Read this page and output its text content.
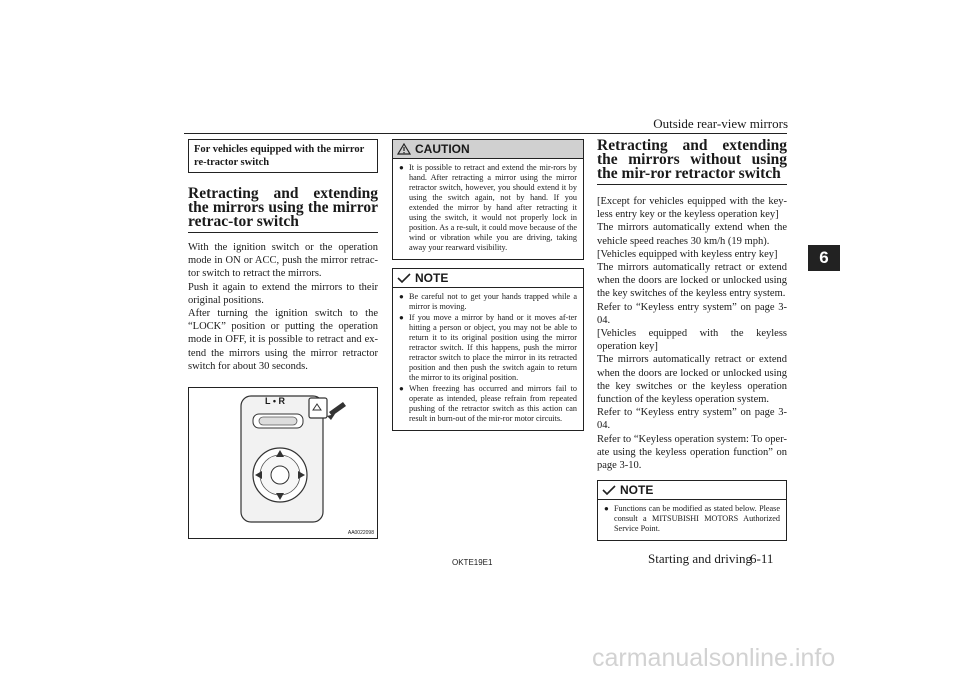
Outside rear-view mirrors
6
For vehicles equipped with the mirror re-tractor switch
Retracting and extending the mirrors using the mirror retrac-tor switch

With the ignition switch or the operation mode in ON or ACC, push the mirror retrac-tor switch to retract the mirrors.

Push it again to extend the mirrors to their original positions.

After turning the ignition switch to the “LOCK” position or putting the operation mode in OFF, it is possible to retract and ex-tend the mirrors using the mirror retractor switch for about 30 seconds.

L • R
AA0022098
CAUTION
● It is possible to retract and extend the mir-rors by hand. After retracting a mirror using the mirror retractor switch, however, you should extend it by using the switch again, not by hand. If you extended the mirror by hand after retracting it using the switch, it would not properly lock in position. As a re-sult, it could move because of the wind or vibration while you are driving, taking away your rearward visibility.
NOTE
● Be careful not to get your hands trapped while a mirror is moving.
● If you move a mirror by hand or it moves af-ter hitting a person or object, you may not be able to return it to its original position using the mirror retractor switch. If this happens, push the mirror retractor switch to place the mirror in its retracted position and then push the switch again to return the mirror to its original position.
● When freezing has occurred and mirrors fail to operate as intended, please refrain from repeated pushing of the retractor switch as this action can result in burn-out of the mir-ror motor circuits.
Retracting and extending the mirrors without using the mir-ror retractor switch

[Except for vehicles equipped with the key-less entry key or the keyless operation key]

The mirrors automatically extend when the vehicle speed reaches 30 km/h (19 mph).

[Vehicles equipped with keyless entry key]

The mirrors automatically retract or extend when the doors are locked or unlocked using the key switches of the keyless entry system.

Refer to “Keyless entry system” on page 3-04.

[Vehicles equipped with the keyless operation key]

The mirrors automatically retract or extend when the doors are locked or unlocked using the key switches or the keyless operation function of the keyless operation system.

Refer to “Keyless entry system” on page 3-04.

Refer to “Keyless operation system: To oper-ate using the keyless operation function” on page 3-10.

NOTE
● Functions can be modified as stated below. Please consult a MITSUBISHI MOTORS Authorized Service Point.
OKTE19E1	Starting and driving
6-11
carmanualsonline.info
